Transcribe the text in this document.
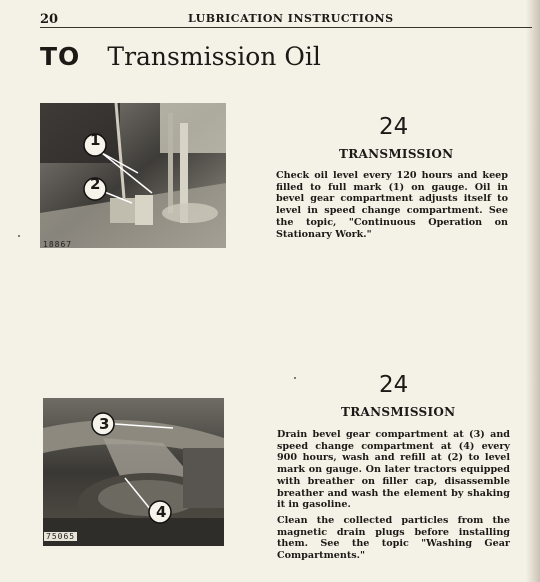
20	LUBRICATION INSTRUCTIONS
TO Transmission Oil
1
2
18867
24
TRANSMISSION

Check oil level every 120 hours and keep filled to full mark (1) on gauge. Oil in bevel gear compartment adjusts itself to level in speed change compartment. See the topic, "Continuous Operation on Stationary Work."

3
4
75065
24
TRANSMISSION

Drain bevel gear compartment at (3) and speed change compartment at (4) every 900 hours, wash and refill at (2) to level mark on gauge. On later tractors equipped with breather on filler cap, disassemble breather and wash the element by shaking it in gasoline.

Clean the collected particles from the magnetic drain plugs before installing them. See the topic "Washing Gear Compartments."
